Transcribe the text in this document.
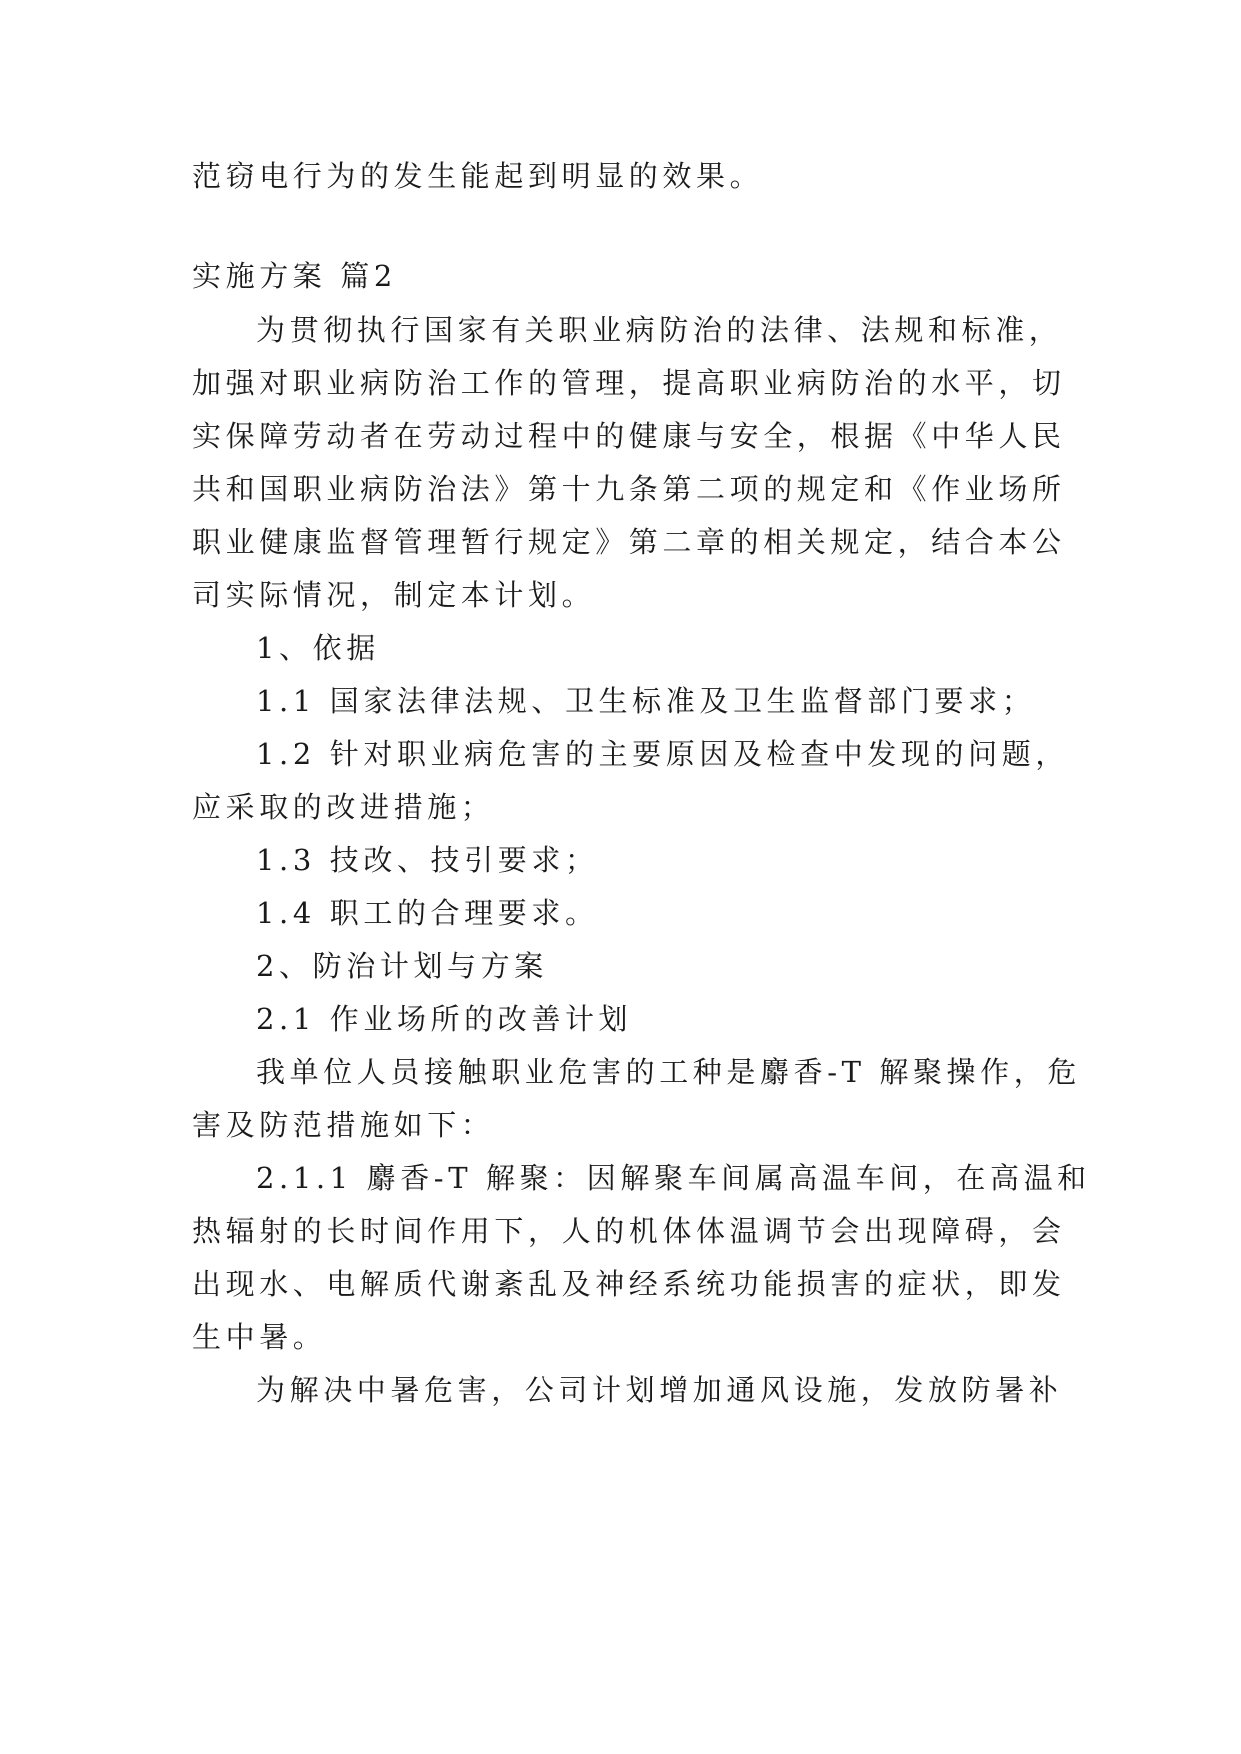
范窃电行为的发生能起到明显的效果。
实施方案 篇2
为贯彻执行国家有关职业病防治的法律、法规和标准，
加强对职业病防治工作的管理，提高职业病防治的水平，切
实保障劳动者在劳动过程中的健康与安全，根据《中华人民
共和国职业病防治法》第十九条第二项的规定和《作业场所
职业健康监督管理暂行规定》第二章的相关规定，结合本公
司实际情况，制定本计划。
1、依据
1.1 国家法律法规、卫生标准及卫生监督部门要求；
1.2 针对职业病危害的主要原因及检查中发现的问题，
应采取的改进措施；
1.3 技改、技引要求；
1.4 职工的合理要求。
2、防治计划与方案
2.1 作业场所的改善计划
我单位人员接触职业危害的工种是麝香-T 解聚操作，危
害及防范措施如下：
2.1.1 麝香-T 解聚：因解聚车间属高温车间，在高温和
热辐射的长时间作用下，人的机体体温调节会出现障碍，会
出现水、电解质代谢紊乱及神经系统功能损害的症状，即发
生中暑。
为解决中暑危害，公司计划增加通风设施，发放防暑补
